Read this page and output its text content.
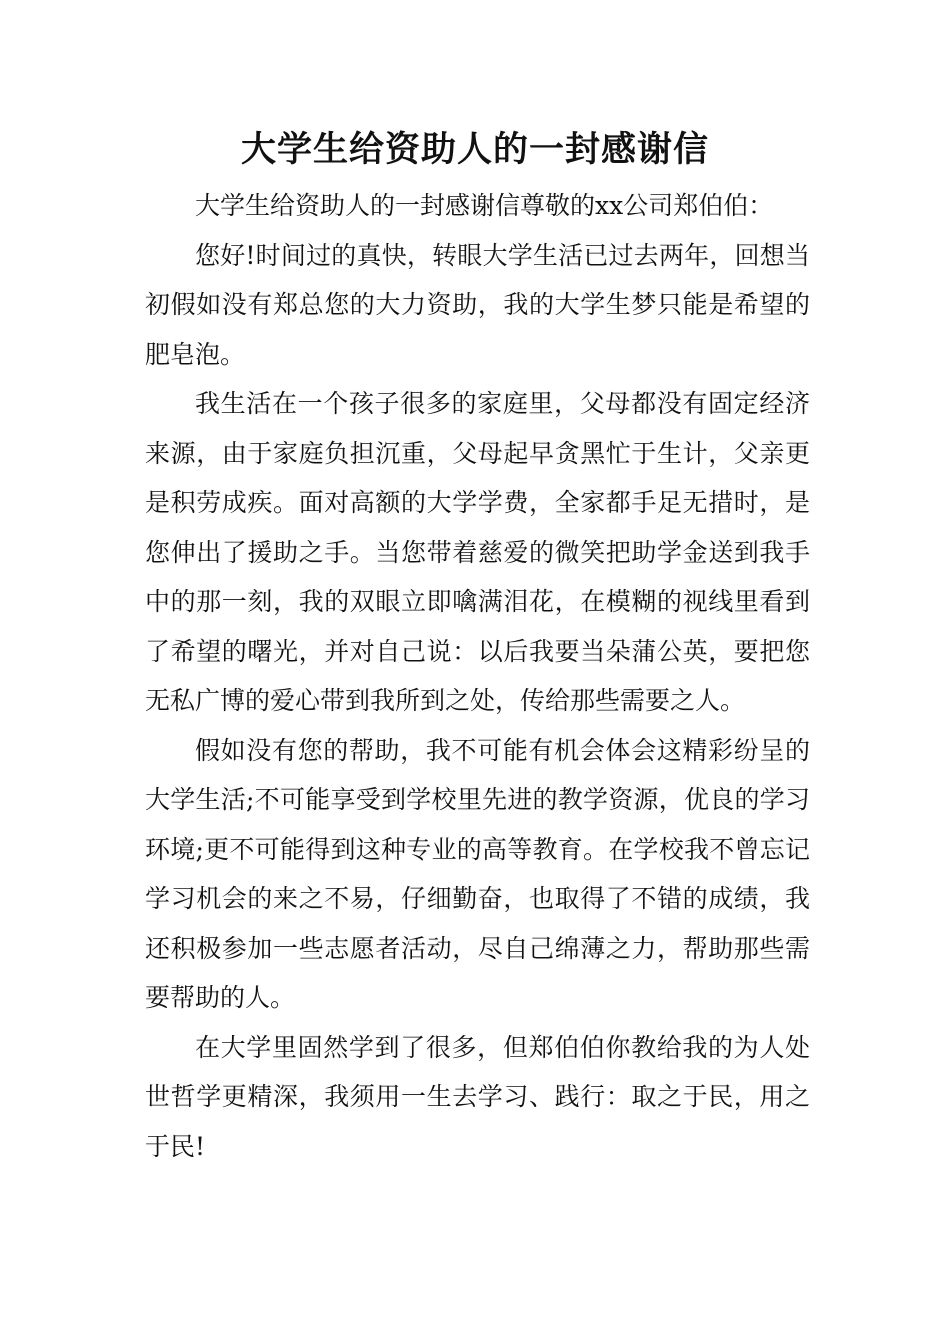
大学生给资助人的一封感谢信

大学生给资助人的一封感谢信尊敬的xx公司郑伯伯：

您好!时间过的真快，转眼大学生活已过去两年，回想当初假如没有郑总您的大力资助，我的大学生梦只能是希望的肥皂泡。

我生活在一个孩子很多的家庭里，父母都没有固定经济来源，由于家庭负担沉重，父母起早贪黑忙于生计，父亲更是积劳成疾。面对高额的大学学费，全家都手足无措时，是您伸出了援助之手。当您带着慈爱的微笑把助学金送到我手中的那一刻，我的双眼立即噙满泪花，在模糊的视线里看到了希望的曙光，并对自己说：以后我要当朵蒲公英，要把您无私广博的爱心带到我所到之处，传给那些需要之人。

假如没有您的帮助，我不可能有机会体会这精彩纷呈的大学生活;不可能享受到学校里先进的教学资源，优良的学习环境;更不可能得到这种专业的高等教育。在学校我不曾忘记学习机会的来之不易，仔细勤奋，也取得了不错的成绩，我还积极参加一些志愿者活动，尽自己绵薄之力，帮助那些需要帮助的人。

在大学里固然学到了很多，但郑伯伯你教给我的为人处世哲学更精深，我须用一生去学习、践行：取之于民，用之于民!
